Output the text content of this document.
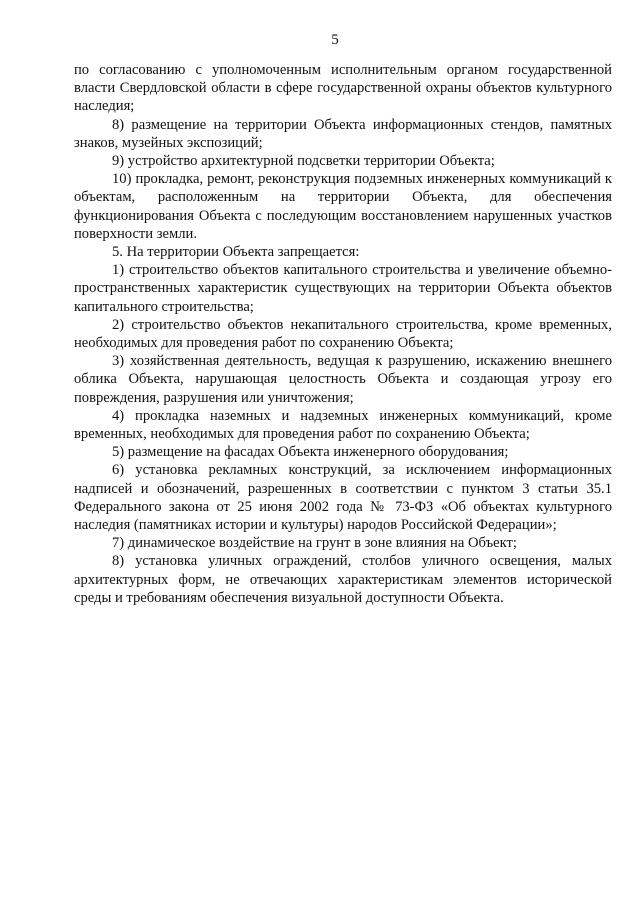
5

по согласованию с уполномоченным исполнительным органом государственной власти Свердловской области в сфере государственной охраны объектов культурного наследия;

8) размещение на территории Объекта информационных стендов, памятных знаков, музейных экспозиций;

9) устройство архитектурной подсветки территории Объекта;

10) прокладка, ремонт, реконструкция подземных инженерных коммуникаций к объектам, расположенным на территории Объекта, для обеспечения функционирования Объекта с последующим восстановлением нарушенных участков поверхности земли.

5. На территории Объекта запрещается:

1) строительство объектов капитального строительства и увеличение объемно-пространственных характеристик существующих на территории Объекта объектов капитального строительства;

2) строительство объектов некапитального строительства, кроме временных, необходимых для проведения работ по сохранению Объекта;

3) хозяйственная деятельность, ведущая к разрушению, искажению внешнего облика Объекта, нарушающая целостность Объекта и создающая угрозу его повреждения, разрушения или уничтожения;

4) прокладка наземных и надземных инженерных коммуникаций, кроме временных, необходимых для проведения работ по сохранению Объекта;

5) размещение на фасадах Объекта инженерного оборудования;

6) установка рекламных конструкций, за исключением информационных надписей и обозначений, разрешенных в соответствии с пунктом 3 статьи 35.1 Федерального закона от 25 июня 2002 года № 73-ФЗ «Об объектах культурного наследия (памятниках истории и культуры) народов Российской Федерации»;

7) динамическое воздействие на грунт в зоне влияния на Объект;

8) установка уличных ограждений, столбов уличного освещения, малых архитектурных форм, не отвечающих характеристикам элементов исторической среды и требованиям обеспечения визуальной доступности Объекта.
